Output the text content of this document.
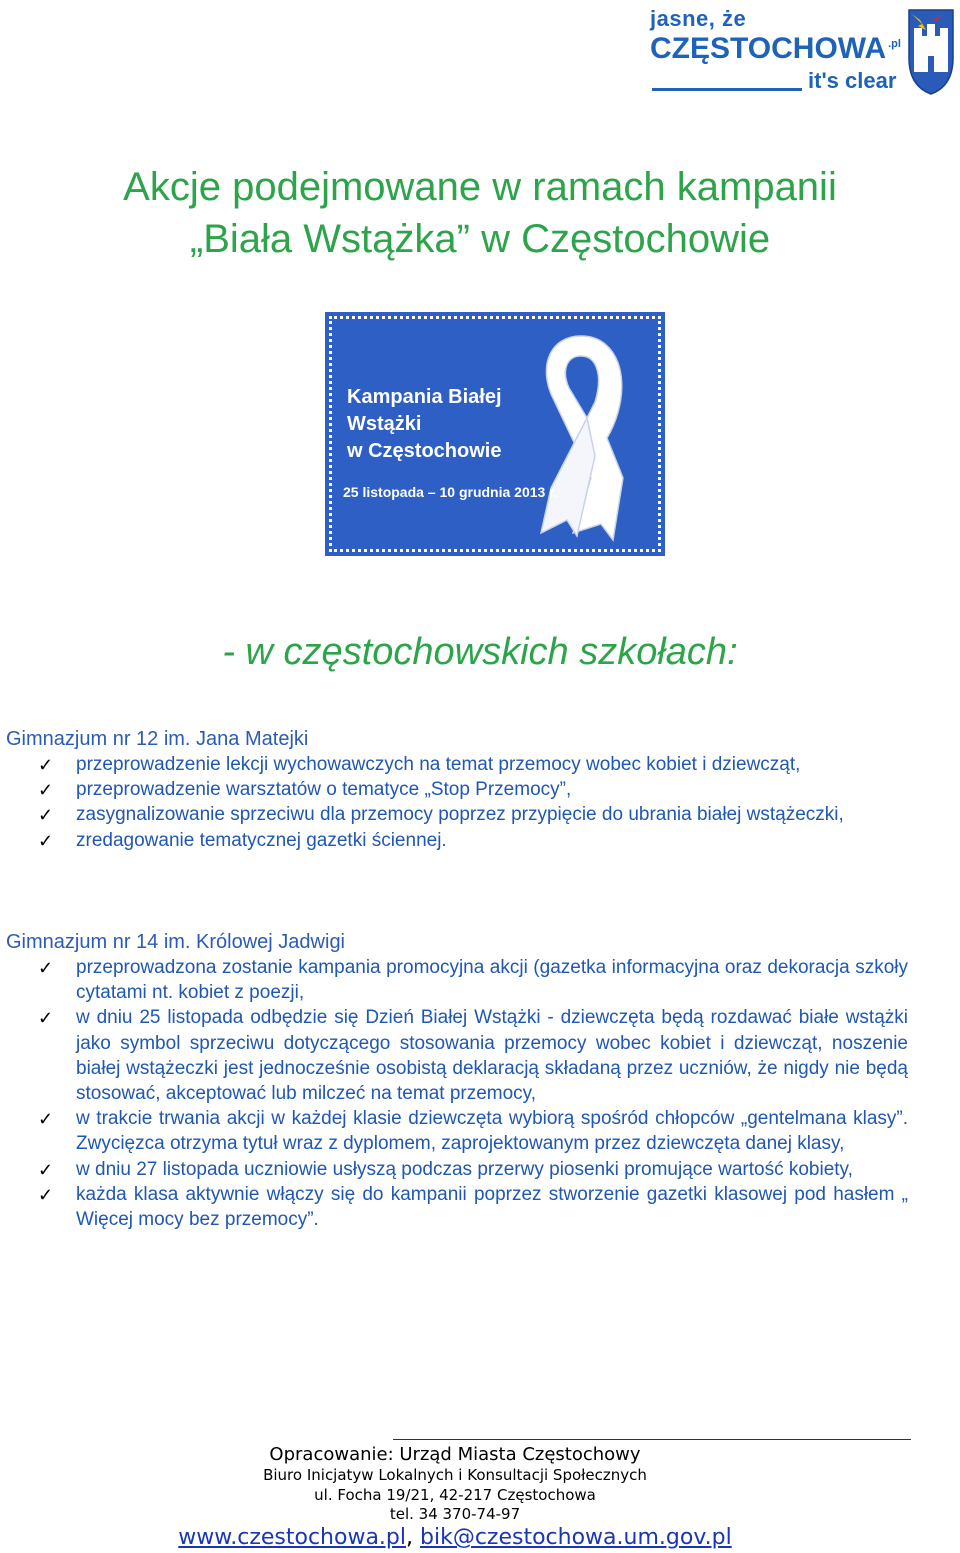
jasne, że
CZĘSTOCHOWA $^{.pl}$
it's clear
Akcje podejmowane w ramach kampanii
„Biała Wstążka” w Częstochowie
Kampania Białej
Wstążki
w Częstochowie
25 listopada – 10 grudnia 2013 r.
- w częstochowskich szkołach:
Gimnazjum nr 12 im. Jana Matejki
✓ przeprowadzenie lekcji wychowawczych na temat przemocy wobec kobiet i dziewcząt,
✓ przeprowadzenie warsztatów o tematyce „Stop Przemocy”,
✓ zasygnalizowanie sprzeciwu dla przemocy poprzez przypięcie do ubrania białej wstążeczki,
✓ zredagowanie tematycznej gazetki ściennej.
Gimnazjum nr 14 im. Królowej Jadwigi
✓ przeprowadzona zostanie kampania promocyjna akcji (gazetka informacyjna oraz dekoracja szkoły cytatami nt. kobiet z poezji,
✓ w dniu 25 listopada odbędzie się Dzień Białej Wstążki - dziewczęta będą rozdawać białe wstążki jako symbol sprzeciwu dotyczącego stosowania przemocy wobec kobiet i dziewcząt, noszenie białej wstążeczki jest jednocześnie osobistą deklaracją składaną przez uczniów, że nigdy nie będą stosować, akceptować lub milczeć na temat przemocy,
✓ w trakcie trwania akcji w każdej klasie dziewczęta wybiorą spośród chłopców „gentelmana klasy”. Zwycięzca otrzyma tytuł wraz z dyplomem, zaprojektowanym przez dziewczęta danej klasy,
✓ w dniu 27 listopada uczniowie usłyszą podczas przerwy piosenki promujące wartość kobiety,
✓ każda klasa aktywnie włączy się do kampanii poprzez stworzenie gazetki klasowej pod hasłem „ Więcej mocy bez przemocy”.
Opracowanie: Urząd Miasta Częstochowy
Biuro Inicjatyw Lokalnych i Konsultacji Społecznych
ul. Focha 19/21, 42-217 Częstochowa
tel. 34 370-74-97
www.czestochowa.pl, bik@czestochowa.um.gov.pl
